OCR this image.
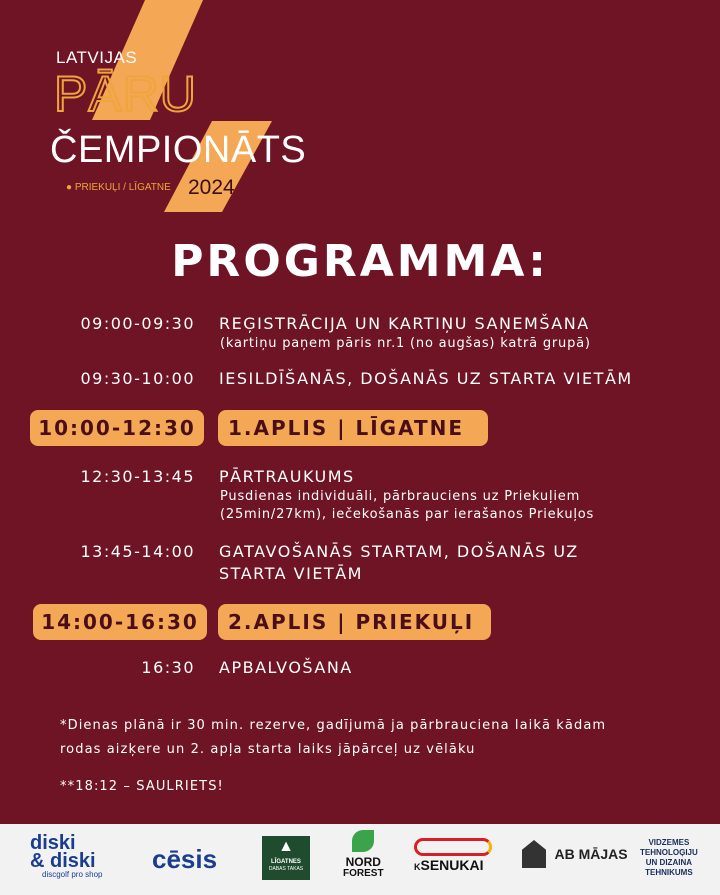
LATVIJAS
PĀRU
ČEMPIONĀTS
● PRIEKUĻI / LĪGATNE 2024
PROGRAMMA:
09:00-09:30 REĢISTRĀCIJA UN KARTIŅU SAŅEMŠANA
(kartiņu paņem pāris nr.1 (no augšas) katrā grupā)
09:30-10:00 IESILDĪŠANĀS, DOŠANĀS UZ STARTA VIETĀM
10:00-12:30	1.APLIS | LĪGATNE
12:30-13:45 PĀRTRAUKUMS
Pusdienas individuāli, pārbrauciens uz Priekuļiem
(25min/27km), iečekošanās par ierašanos Priekuļos
13:45-14:00 GATAVOŠANĀS STARTAM, DOŠANĀS UZ
STARTA VIETĀM
14:00-16:30	2.APLIS | PRIEKUĻI
16:30 APBALVOŠANA
*Dienas plānā ir 30 min. rezerve, gadījumā ja pārbrauciena laikā kādam
rodas aizķere un 2. apļa starta laiks jāpārceļ uz vēlāku
**18:12 – SAULRIETS!
diski
& diski
discgolf pro shop
cēsis	▲
LĪGATNES
DABAS TAKAS	NORD
FOREST
KSENUKAI
AB MĀJAS
VIDZEMES
TEHNOLOĢIJU
UN DIZAINA
TEHNIKUMS
